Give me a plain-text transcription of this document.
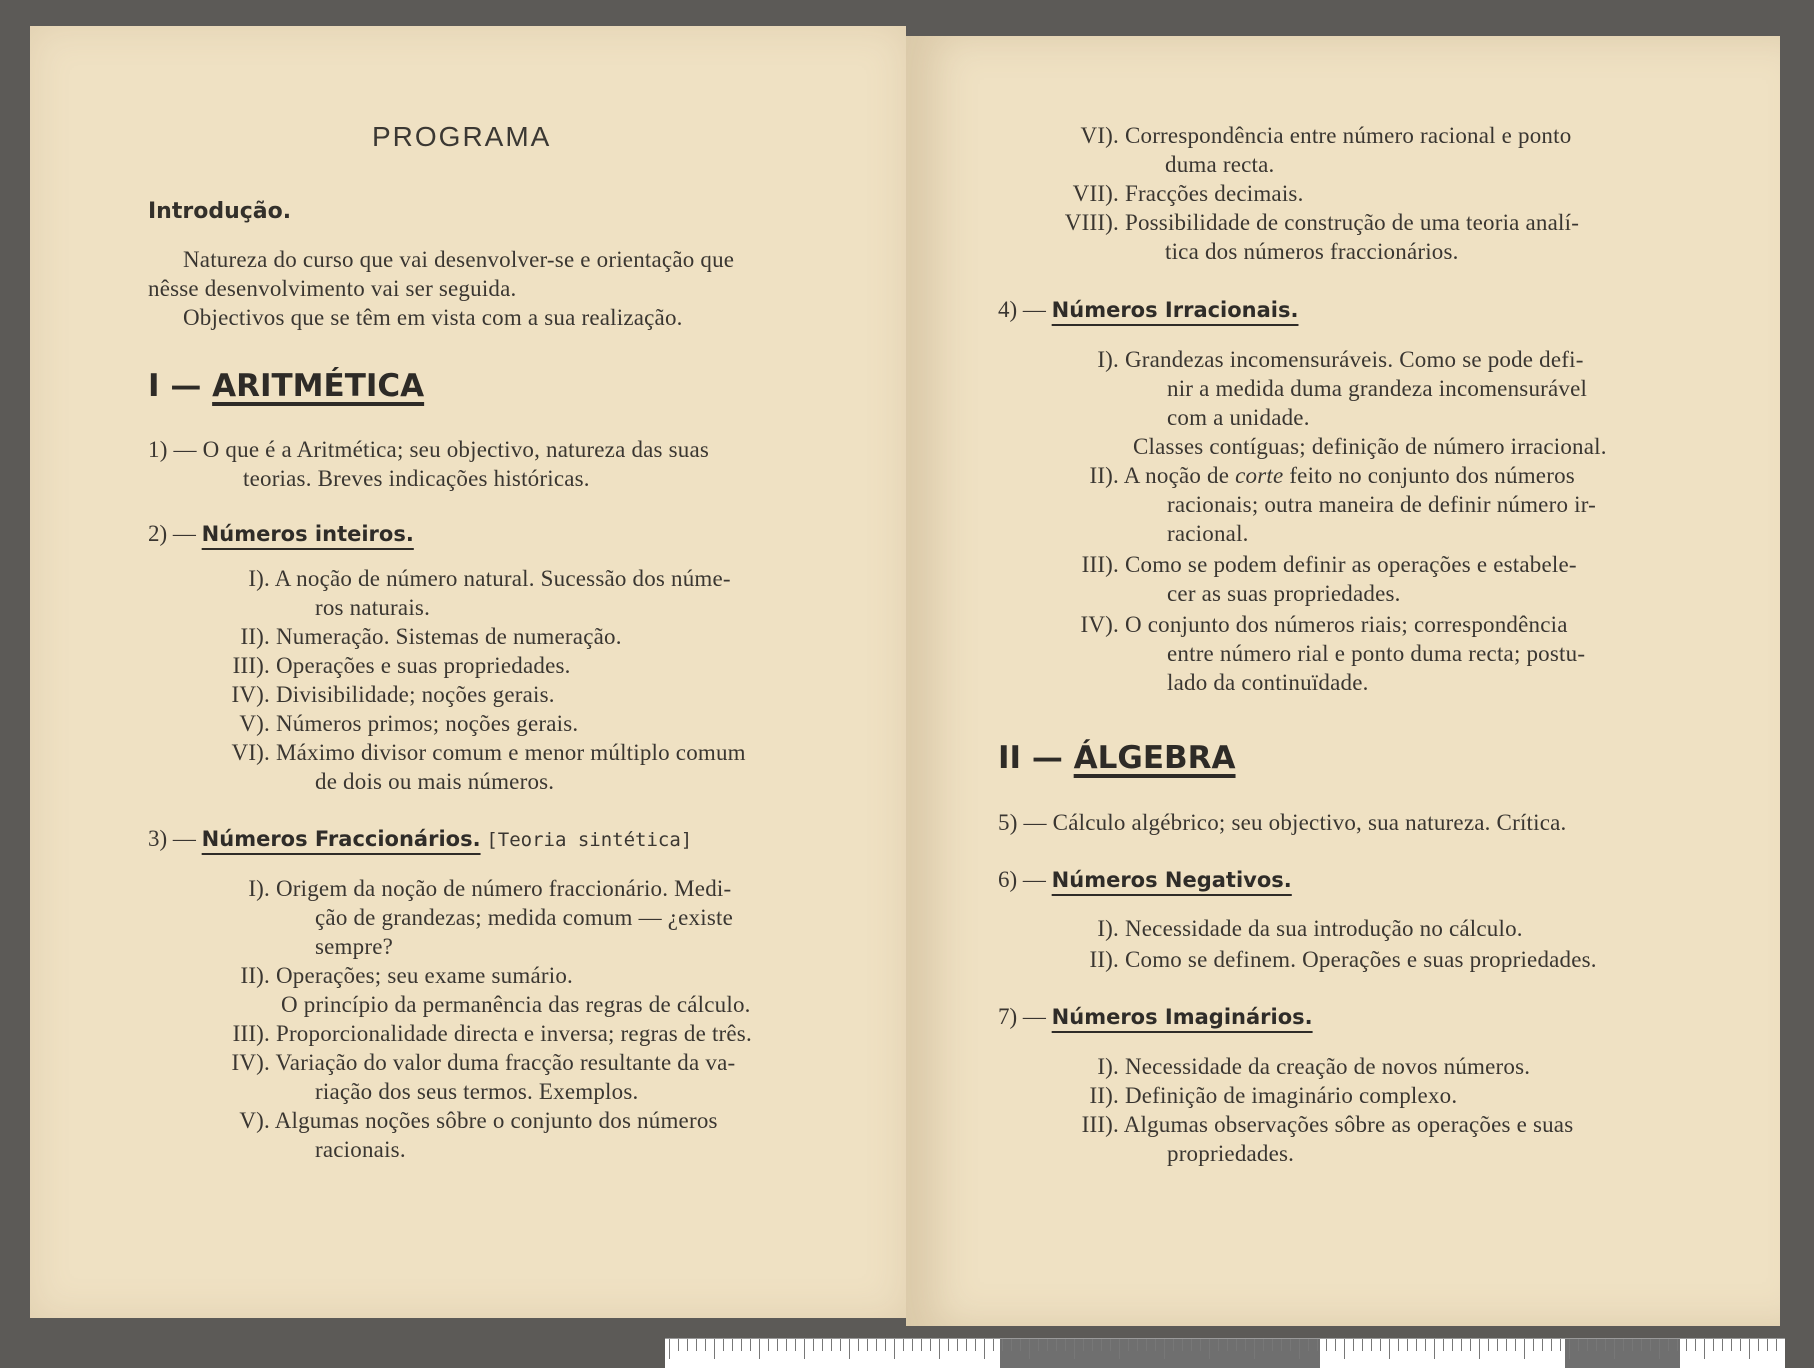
PROGRAMA
Introdução.
Natureza do curso que vai desenvolver-se e orientação que
nêsse desenvolvimento vai ser seguida.
Objectivos que se têm em vista com a sua realização.
I — ARITMÉTICA
1) — O que é a Aritmética; seu objectivo, natureza das suas
teorias. Breves indicações históricas.
2) — Números inteiros.
I). A noção de número natural. Sucessão dos núme-
ros naturais.
II). Numeração. Sistemas de numeração.
III). Operações e suas propriedades.
IV). Divisibilidade; noções gerais.
V). Números primos; noções gerais.
VI). Máximo divisor comum e menor múltiplo comum
de dois ou mais números.
3) — Números Fraccionários. [Teoria sintética]
I). Origem da noção de número fraccionário. Medi-
ção de grandezas; medida comum — ¿existe
sempre?
II). Operações; seu exame sumário.
O princípio da permanência das regras de cálculo.
III). Proporcionalidade directa e inversa; regras de três.
IV). Variação do valor duma fracção resultante da va-
riação dos seus termos. Exemplos.
V). Algumas noções sôbre o conjunto dos números
racionais.
VI). Correspondência entre número racional e ponto
duma recta.
VII). Fracções decimais.
VIII). Possibilidade de construção de uma teoria analí-
tica dos números fraccionários.
4) — Números Irracionais.
I). Grandezas incomensuráveis. Como se pode defi-
nir a medida duma grandeza incomensurável
com a unidade.
Classes contíguas; definição de número irracional.
II). A noção de corte feito no conjunto dos números
racionais; outra maneira de definir número ir-
racional.
III). Como se podem definir as operações e estabele-
cer as suas propriedades.
IV). O conjunto dos números riais; correspondência
entre número rial e ponto duma recta; postu-
lado da continuïdade.
II — ÁLGEBRA
5) — Cálculo algébrico; seu objectivo, sua natureza. Crítica.
6) — Números Negativos.
I). Necessidade da sua introdução no cálculo.
II). Como se definem. Operações e suas propriedades.
7) — Números Imaginários.
I). Necessidade da creação de novos números.
II). Definição de imaginário complexo.
III). Algumas observações sôbre as operações e suas
propriedades.
